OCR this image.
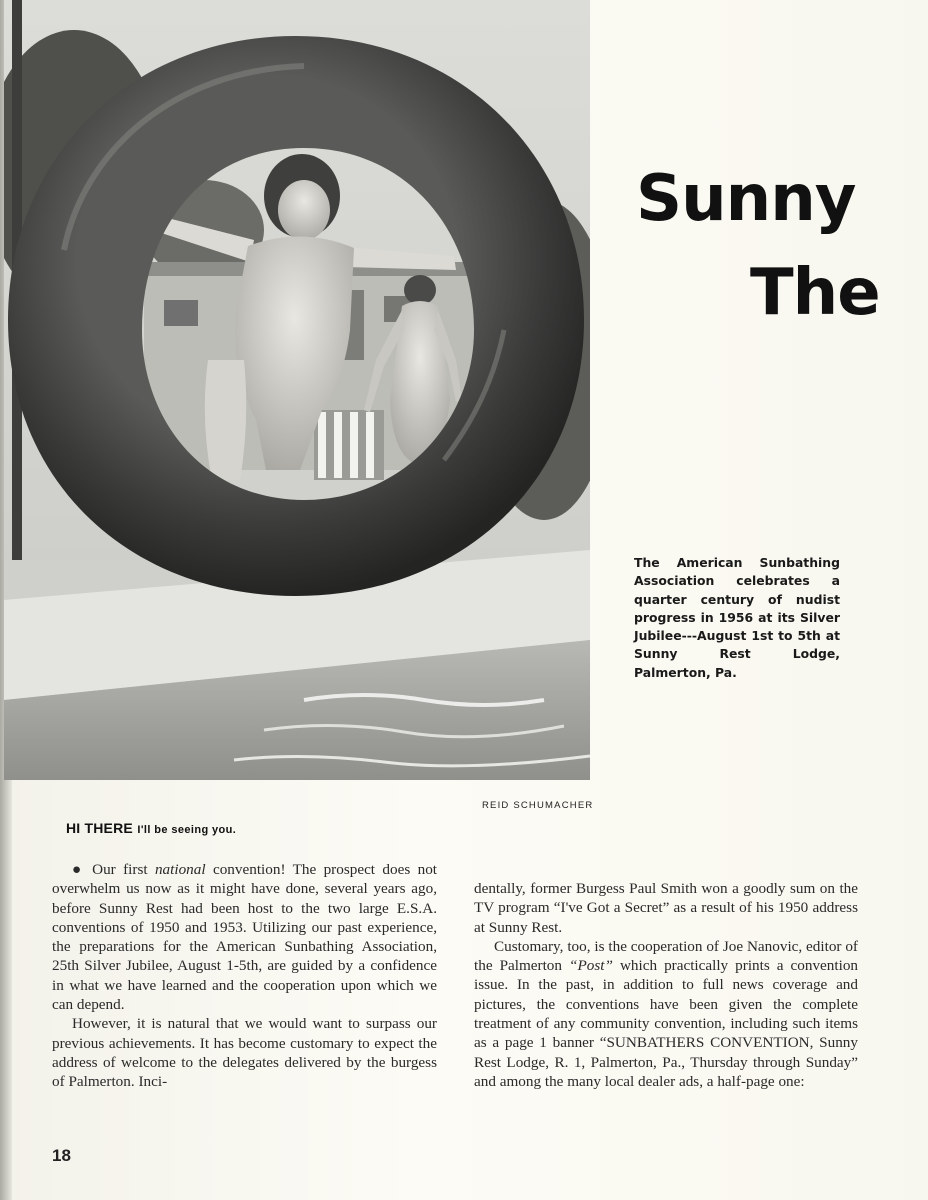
REID SCHUMACHER
Sunny
The
The American Sunbathing Association celebrates a quarter century of nudist progress in 1956 at its Silver Jubilee---August 1st to 5th at Sunny Rest Lodge, Palmerton, Pa.
HI THERE I'll be seeing you.

● Our first national convention! The prospect does not overwhelm us now as it might have done, several years ago, before Sunny Rest had been host to the two large E.S.A. conventions of 1950 and 1953. Utilizing our past experience, the preparations for the American Sunbathing Association, 25th Silver Jubilee, August 1-5th, are guided by a confidence in what we have learned and the cooperation upon which we can depend.

However, it is natural that we would want to surpass our previous achievements. It has become customary to expect the address of welcome to the delegates delivered by the burgess of Palmerton. Inci-

dentally, former Burgess Paul Smith won a goodly sum on the TV program “I've Got a Secret” as a result of his 1950 address at Sunny Rest.

Customary, too, is the cooperation of Joe Nanovic, editor of the Palmerton “Post” which practically prints a convention issue. In the past, in addition to full news coverage and pictures, the conventions have been given the complete treatment of any community convention, including such items as a page 1 banner “SUNBATHERS CONVENTION, Sunny Rest Lodge, R. 1, Palmerton, Pa., Thursday through Sunday” and among the many local dealer ads, a half-page one:

18
